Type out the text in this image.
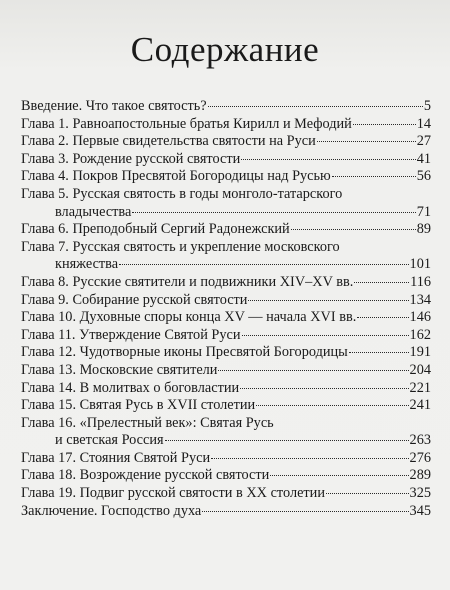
Содержание
Введение. Что такое святость?	5
Глава 1. Равноапостольные братья Кирилл и Мефодий	14
Глава 2. Первые свидетельства святости на Руси	27
Глава 3. Рождение русской святости	41
Глава 4. Покров Пресвятой Богородицы над Русью	56
Глава 5. Русская святость в годы монголо-татарского
владычества	71
Глава 6. Преподобный Сергий Радонежский	89
Глава 7. Русская святость и укрепление московского
княжества	101
Глава 8. Русские святители и подвижники XIV–XV вв.	116
Глава 9. Собирание русской святости	134
Глава 10. Духовные споры конца XV — начала XVI вв.	146
Глава 11. Утверждение Святой Руси	162
Глава 12. Чудотворные иконы Пресвятой Богородицы	191
Глава 13. Московские святители	204
Глава 14. В молитвах о боговластии	221
Глава 15. Святая Русь в XVII столетии	241
Глава 16. «Прелестный век»: Святая Русь
и светская Россия	263
Глава 17. Стояния Святой Руси	276
Глава 18. Возрождение русской святости	289
Глава 19. Подвиг русской святости в XX столетии	325
Заключение. Господство духа	345
